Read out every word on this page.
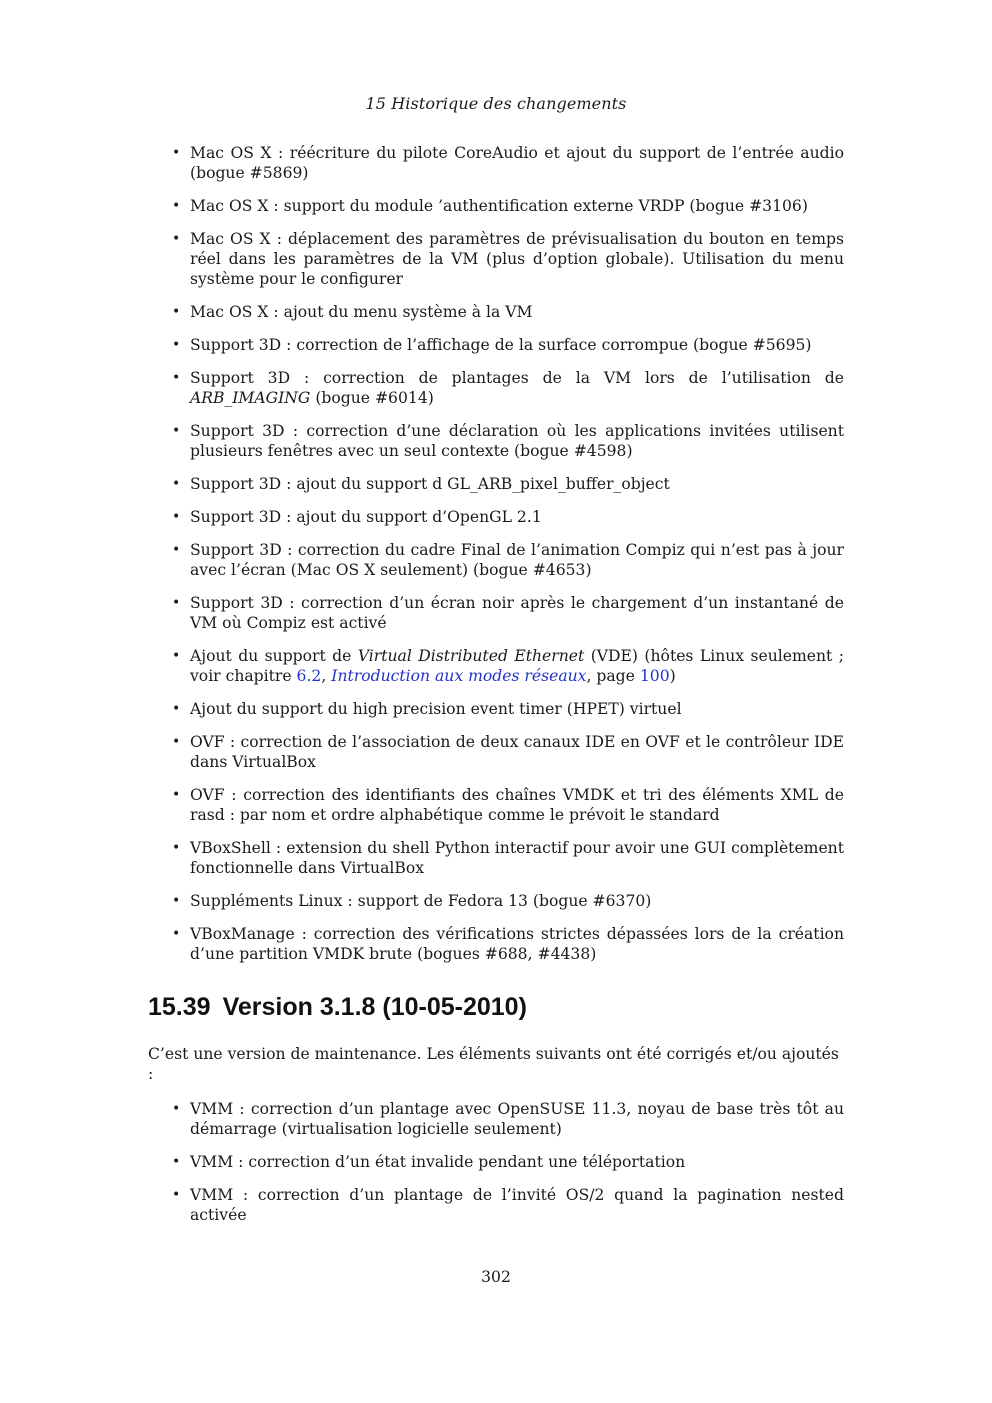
15 Historique des changements
• Mac OS X : réécriture du pilote CoreAudio et ajout du support de l’entrée audio (bogue #5869)
• Mac OS X : support du module ’authentification externe VRDP (bogue #3106)
• Mac OS X : déplacement des paramètres de prévisualisation du bouton en temps réel dans les paramètres de la VM (plus d’option globale). Utilisation du menu système pour le configurer
• Mac OS X : ajout du menu système à la VM
• Support 3D : correction de l’affichage de la surface corrompue (bogue #5695)
• Support 3D : correction de plantages de la VM lors de l’utilisation de ARB_IMAGING (bogue #6014)
• Support 3D : correction d’une déclaration où les applications invitées utilisent plusieurs fenêtres avec un seul contexte (bogue #4598)
• Support 3D : ajout du support d GL_ARB_pixel_buffer_object
• Support 3D : ajout du support d’OpenGL 2.1
• Support 3D : correction du cadre Final de l’animation Compiz qui n’est pas à jour avec l’écran (Mac OS X seulement) (bogue #4653)
• Support 3D : correction d’un écran noir après le chargement d’un instantané de VM où Compiz est activé
• Ajout du support de Virtual Distributed Ethernet (VDE) (hôtes Linux seulement ; voir chapitre 6.2, Introduction aux modes réseaux, page 100)
• Ajout du support du high precision event timer (HPET) virtuel
• OVF : correction de l’association de deux canaux IDE en OVF et le contrôleur IDE dans VirtualBox
• OVF : correction des identifiants des chaînes VMDK et tri des éléments XML de rasd : par nom et ordre alphabétique comme le prévoit le standard
• VBoxShell : extension du shell Python interactif pour avoir une GUI complètement fonctionnelle dans VirtualBox
• Suppléments Linux : support de Fedora 13 (bogue #6370)
• VBoxManage : correction des vérifications strictes dépassées lors de la création d’une partition VMDK brute (bogues #688, #4438)
15.39 Version 3.1.8 (10-05-2010)

C’est une version de maintenance. Les éléments suivants ont été corrigés et/ou ajoutés :

• VMM : correction d’un plantage avec OpenSUSE 11.3, noyau de base très tôt au démarrage (virtualisation logicielle seulement)
• VMM : correction d’un état invalide pendant une téléportation
• VMM : correction d’un plantage de l’invité OS/2 quand la pagination nested activée
302
